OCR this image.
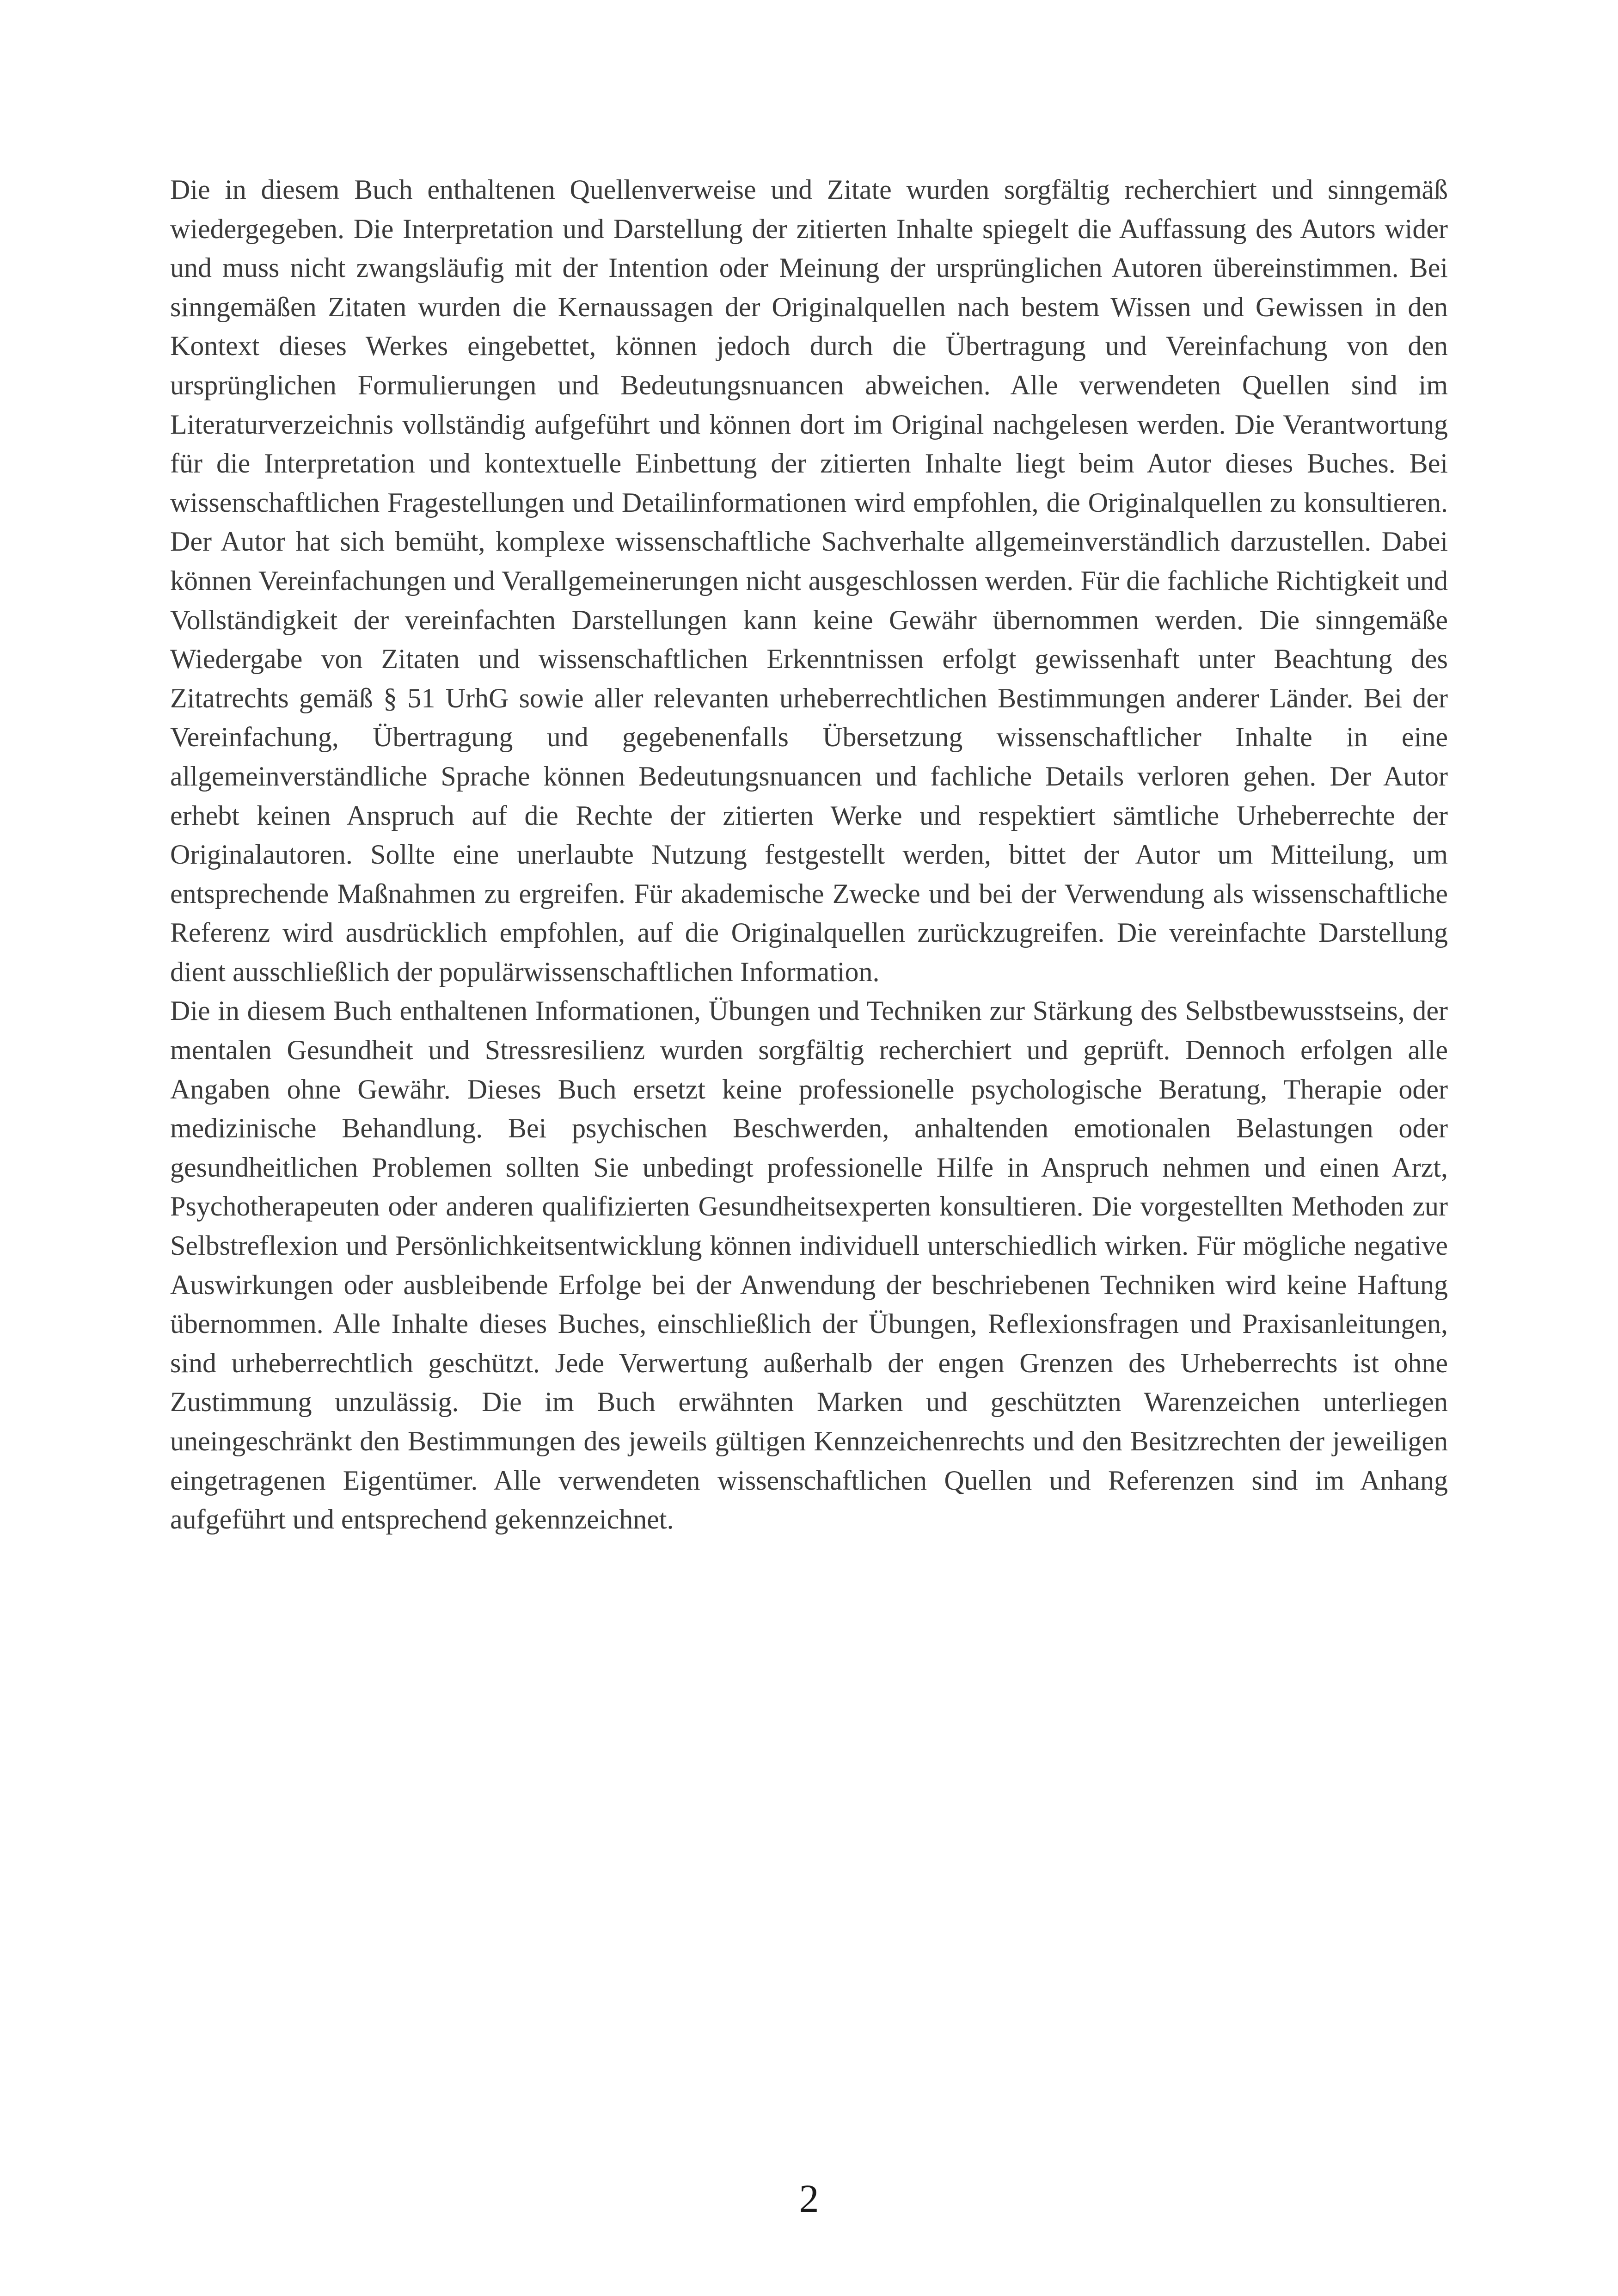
Die in diesem Buch enthaltenen Quellenverweise und Zitate wurden sorgfältig recherchiert und sinngemäß wiedergegeben. Die Interpretation und Darstellung der zitierten Inhalte spiegelt die Auffassung des Autors wider und muss nicht zwangsläufig mit der Intention oder Meinung der ursprünglichen Autoren übereinstimmen. Bei sinngemäßen Zitaten wurden die Kernaussagen der Originalquellen nach bestem Wissen und Gewissen in den Kontext dieses Werkes eingebettet, können jedoch durch die Übertragung und Vereinfachung von den ursprünglichen Formulierungen und Bedeutungsnuancen abweichen. Alle verwendeten Quellen sind im Literaturverzeichnis vollständig aufgeführt und können dort im Original nachgelesen werden. Die Verantwortung für die Interpretation und kontextuelle Einbettung der zitierten Inhalte liegt beim Autor dieses Buches. Bei wissenschaftlichen Fragestellungen und Detailinformationen wird empfohlen, die Originalquellen zu konsultieren. Der Autor hat sich bemüht, komplexe wissenschaftliche Sachverhalte allgemeinverständlich darzustellen. Dabei können Vereinfachungen und Verallgemeinerungen nicht ausgeschlossen werden. Für die fachliche Richtigkeit und Vollständigkeit der vereinfachten Darstellungen kann keine Gewähr übernommen werden. Die sinngemäße Wiedergabe von Zitaten und wissenschaftlichen Erkenntnissen erfolgt gewissenhaft unter Beachtung des Zitatrechts gemäß § 51 UrhG sowie aller relevanten urheberrechtlichen Bestimmungen anderer Länder. Bei der Vereinfachung, Übertragung und gegebenenfalls Übersetzung wissenschaftlicher Inhalte in eine allgemeinverständliche Sprache können Bedeutungsnuancen und fachliche Details verloren gehen. Der Autor erhebt keinen Anspruch auf die Rechte der zitierten Werke und respektiert sämtliche Urheberrechte der Originalautoren. Sollte eine unerlaubte Nutzung festgestellt werden, bittet der Autor um Mitteilung, um entsprechende Maßnahmen zu ergreifen. Für akademische Zwecke und bei der Verwendung als wissenschaftliche Referenz wird ausdrücklich empfohlen, auf die Originalquellen zurückzugreifen. Die vereinfachte Darstellung dient ausschließlich der populärwissenschaftlichen Information.

Die in diesem Buch enthaltenen Informationen, Übungen und Techniken zur Stärkung des Selbstbewusstseins, der mentalen Gesundheit und Stressresilienz wurden sorgfältig recherchiert und geprüft. Dennoch erfolgen alle Angaben ohne Gewähr. Dieses Buch ersetzt keine professionelle psychologische Beratung, Therapie oder medizinische Behandlung. Bei psychischen Beschwerden, anhaltenden emotionalen Belastungen oder gesundheitlichen Problemen sollten Sie unbedingt professionelle Hilfe in Anspruch nehmen und einen Arzt, Psychotherapeuten oder anderen qualifizierten Gesundheitsexperten konsultieren. Die vorgestellten Methoden zur Selbstreflexion und Persönlichkeitsentwicklung können individuell unterschiedlich wirken. Für mögliche negative Auswirkungen oder ausbleibende Erfolge bei der Anwendung der beschriebenen Techniken wird keine Haftung übernommen. Alle Inhalte dieses Buches, einschließlich der Übungen, Reflexionsfragen und Praxisanleitungen, sind urheberrechtlich geschützt. Jede Verwertung außerhalb der engen Grenzen des Urheberrechts ist ohne Zustimmung unzulässig. Die im Buch erwähnten Marken und geschützten Warenzeichen unterliegen uneingeschränkt den Bestimmungen des jeweils gültigen Kennzeichenrechts und den Besitzrechten der jeweiligen eingetragenen Eigentümer. Alle verwendeten wissenschaftlichen Quellen und Referenzen sind im Anhang aufgeführt und entsprechend gekennzeichnet.

2
